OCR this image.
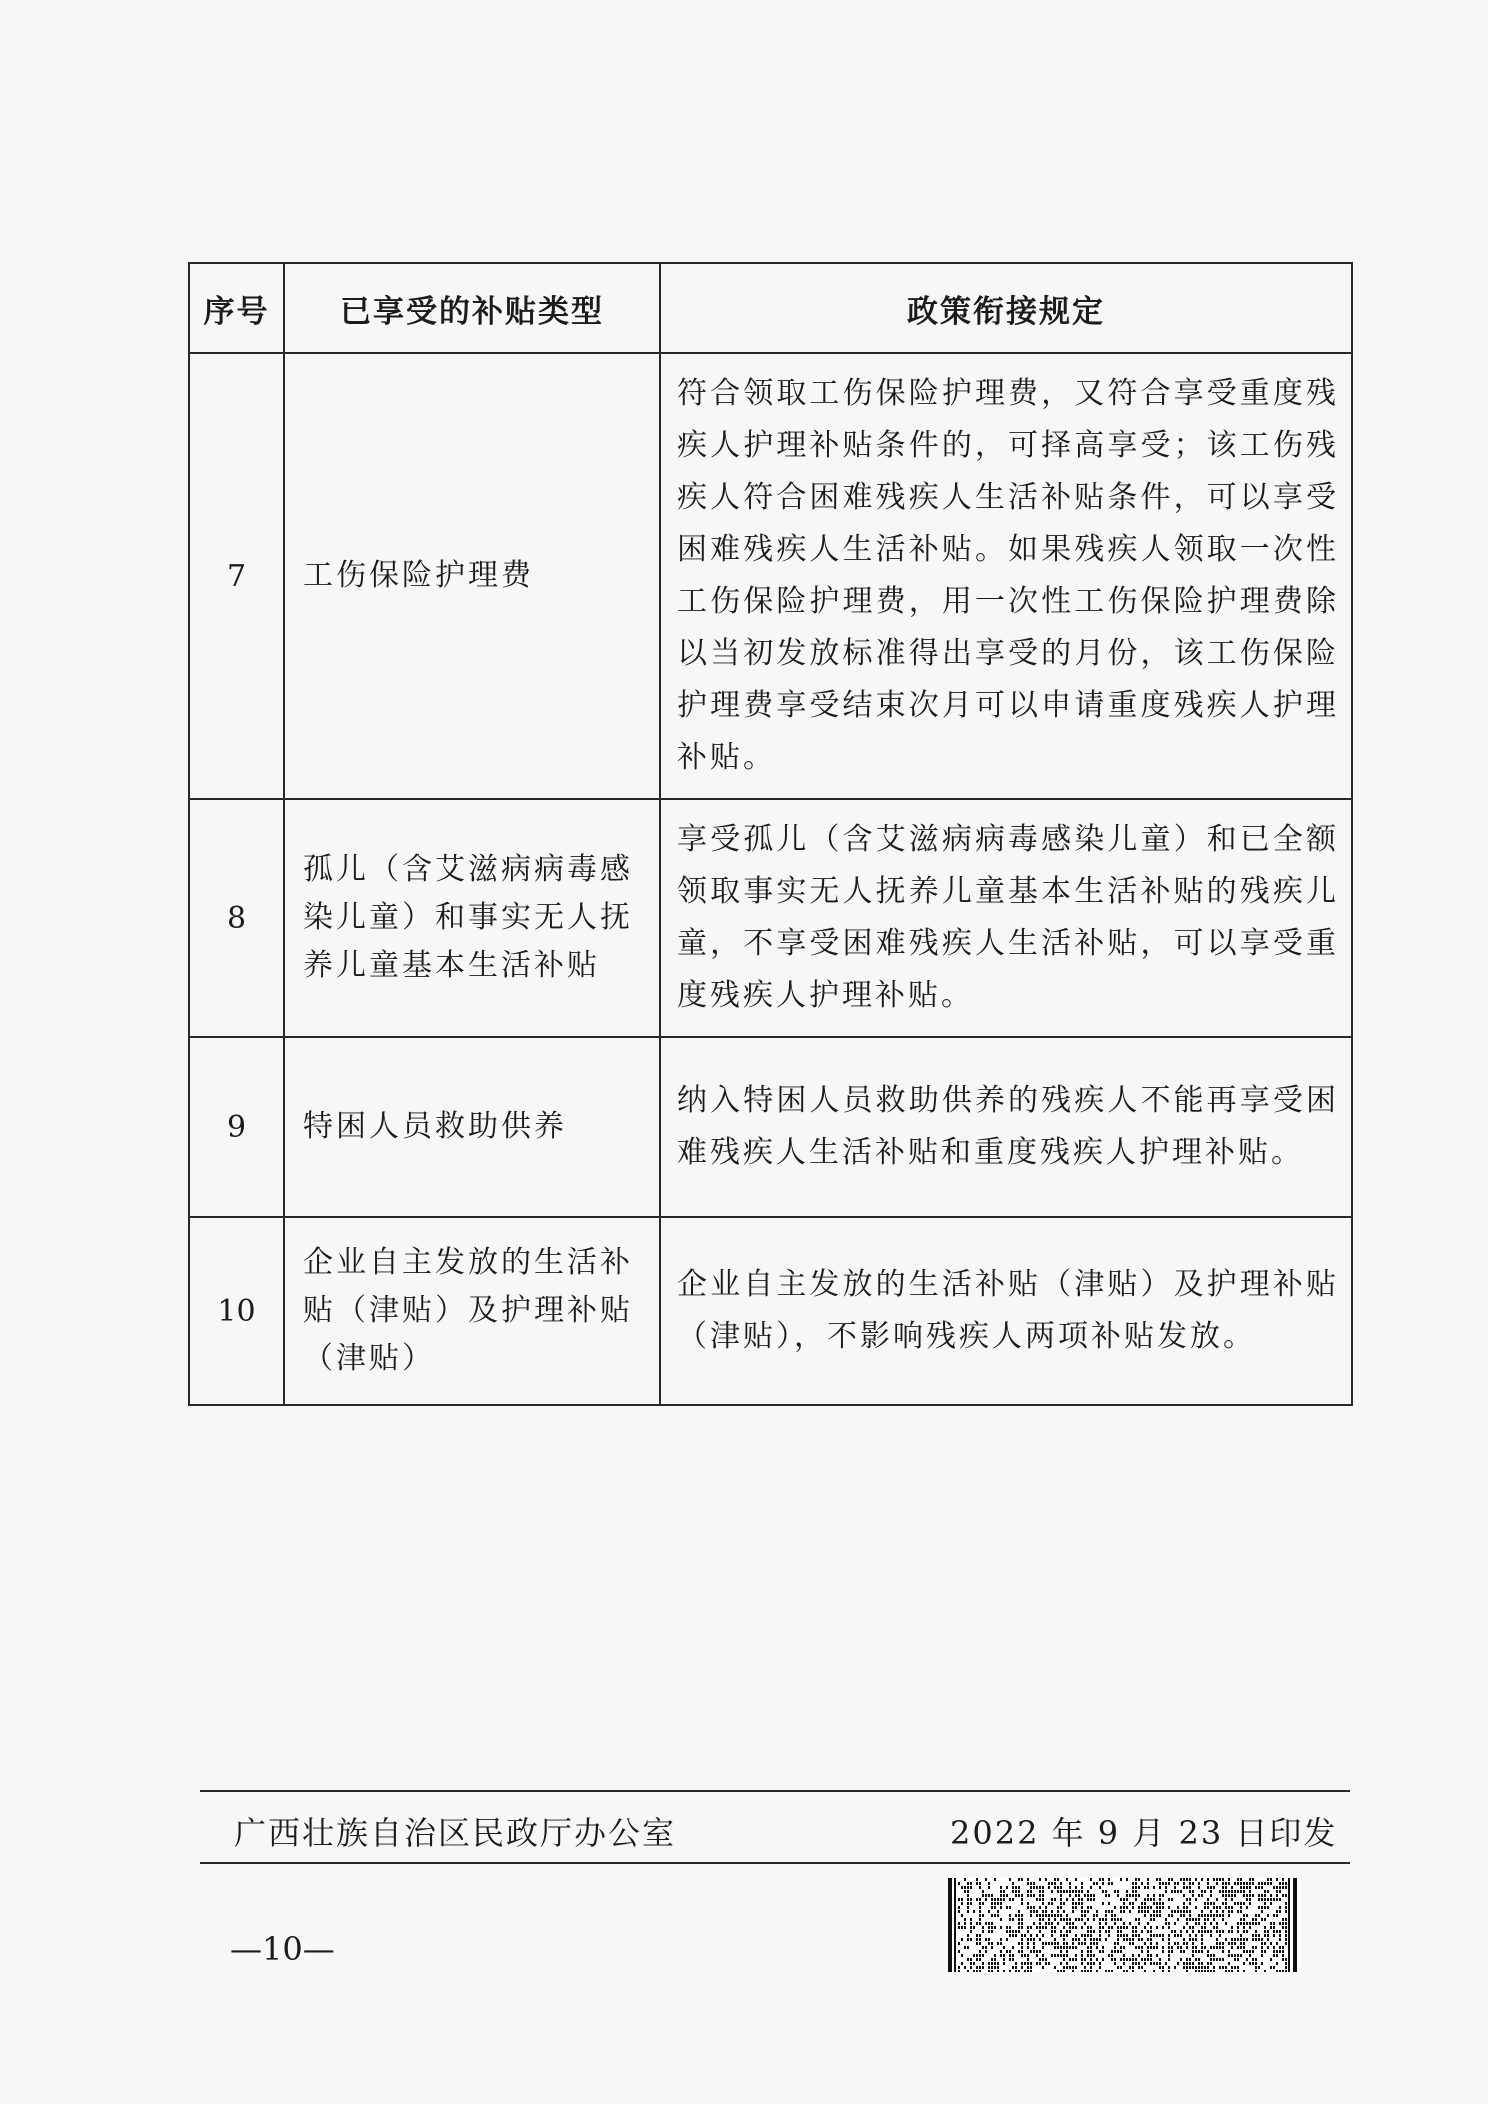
序号	已享受的补贴类型	政策衔接规定
7	工伤保险护理费	符合领取工伤保险护理费，又符合享受重度残疾人护理补贴条件的，可择高享受；该工伤残疾人符合困难残疾人生活补贴条件，可以享受困难残疾人生活补贴。如果残疾人领取一次性工伤保险护理费，用一次性工伤保险护理费除以当初发放标准得出享受的月份，该工伤保险护理费享受结束次月可以申请重度残疾人护理补贴。
8	孤儿（含艾滋病病毒感染儿童）和事实无人抚养儿童基本生活补贴	享受孤儿（含艾滋病病毒感染儿童）和已全额领取事实无人抚养儿童基本生活补贴的残疾儿童，不享受困难残疾人生活补贴，可以享受重度残疾人护理补贴。
9	特困人员救助供养	纳入特困人员救助供养的残疾人不能再享受困难残疾人生活补贴和重度残疾人护理补贴。
10	企业自主发放的生活补贴（津贴）及护理补贴（津贴）	企业自主发放的生活补贴（津贴）及护理补贴（津贴），不影响残疾人两项补贴发放。
广西壮族自治区民政厅办公室	2022 年 9 月 23 日印发
—10—
